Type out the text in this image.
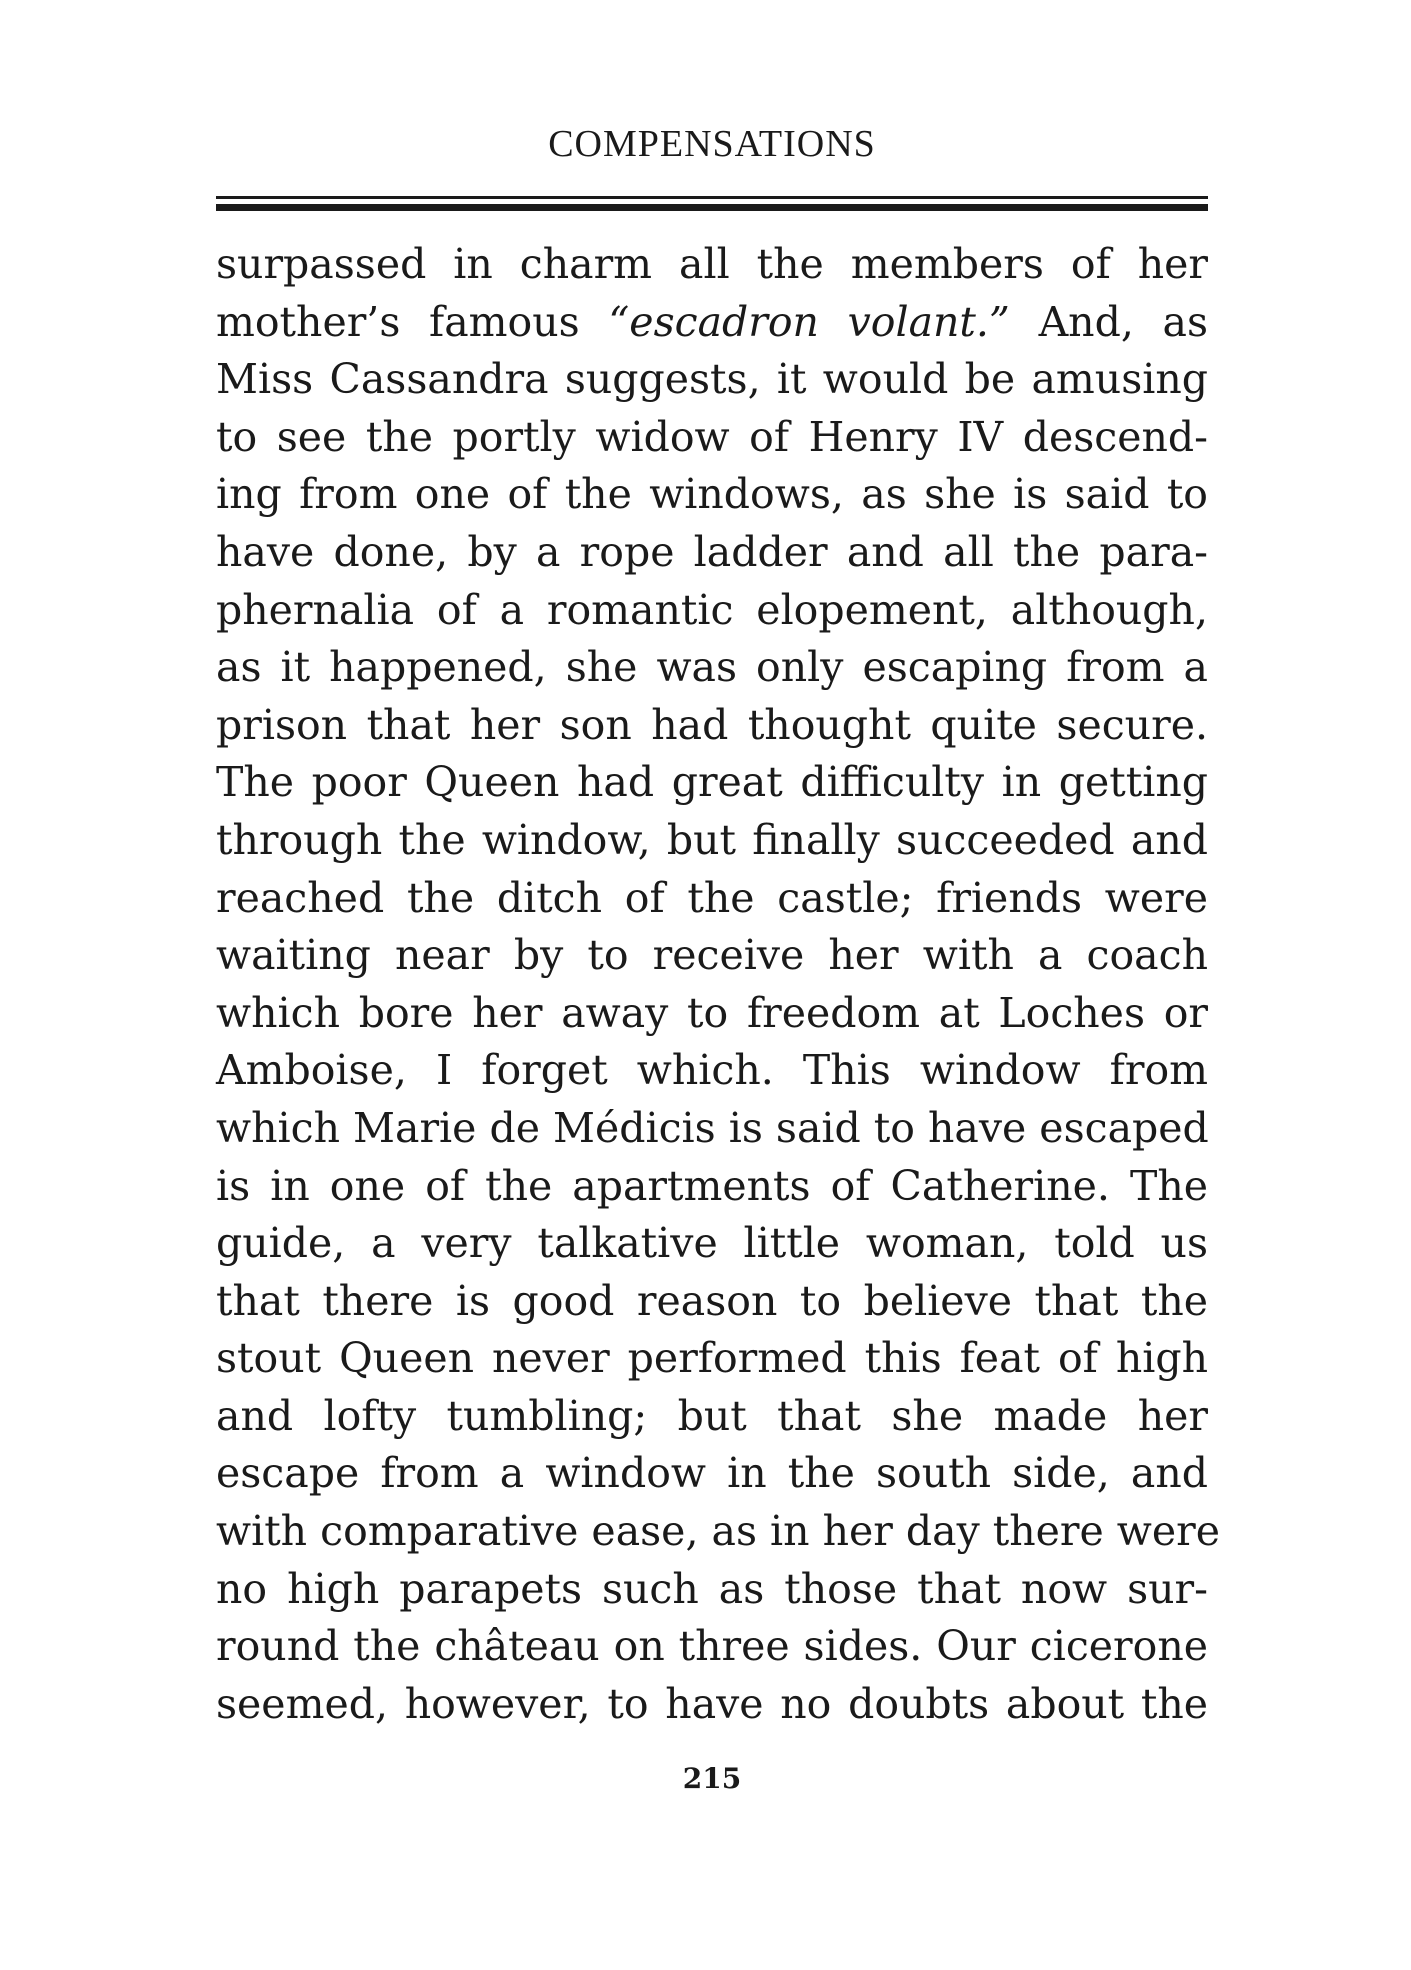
COMPENSATIONS
surpassed in charm all the members of her
mother’s famous “escadron volant.” And, as
Miss Cassandra suggests, it would be amusing
to see the portly widow of Henry IV descend-
ing from one of the windows, as she is said to
have done, by a rope ladder and all the para-
phernalia of a romantic elopement, although,
as it happened, she was only escaping from a
prison that her son had thought quite secure.
The poor Queen had great difficulty in getting
through the window, but finally succeeded and
reached the ditch of the castle; friends were
waiting near by to receive her with a coach
which bore her away to freedom at Loches or
Amboise, I forget which. This window from
which Marie de Médicis is said to have escaped
is in one of the apartments of Catherine. The
guide, a very talkative little woman, told us
that there is good reason to believe that the
stout Queen never performed this feat of high
and lofty tumbling; but that she made her
escape from a window in the south side, and
with comparative ease, as in her day there were
no high parapets such as those that now sur-
round the château on three sides. Our cicerone
seemed, however, to have no doubts about the
215
